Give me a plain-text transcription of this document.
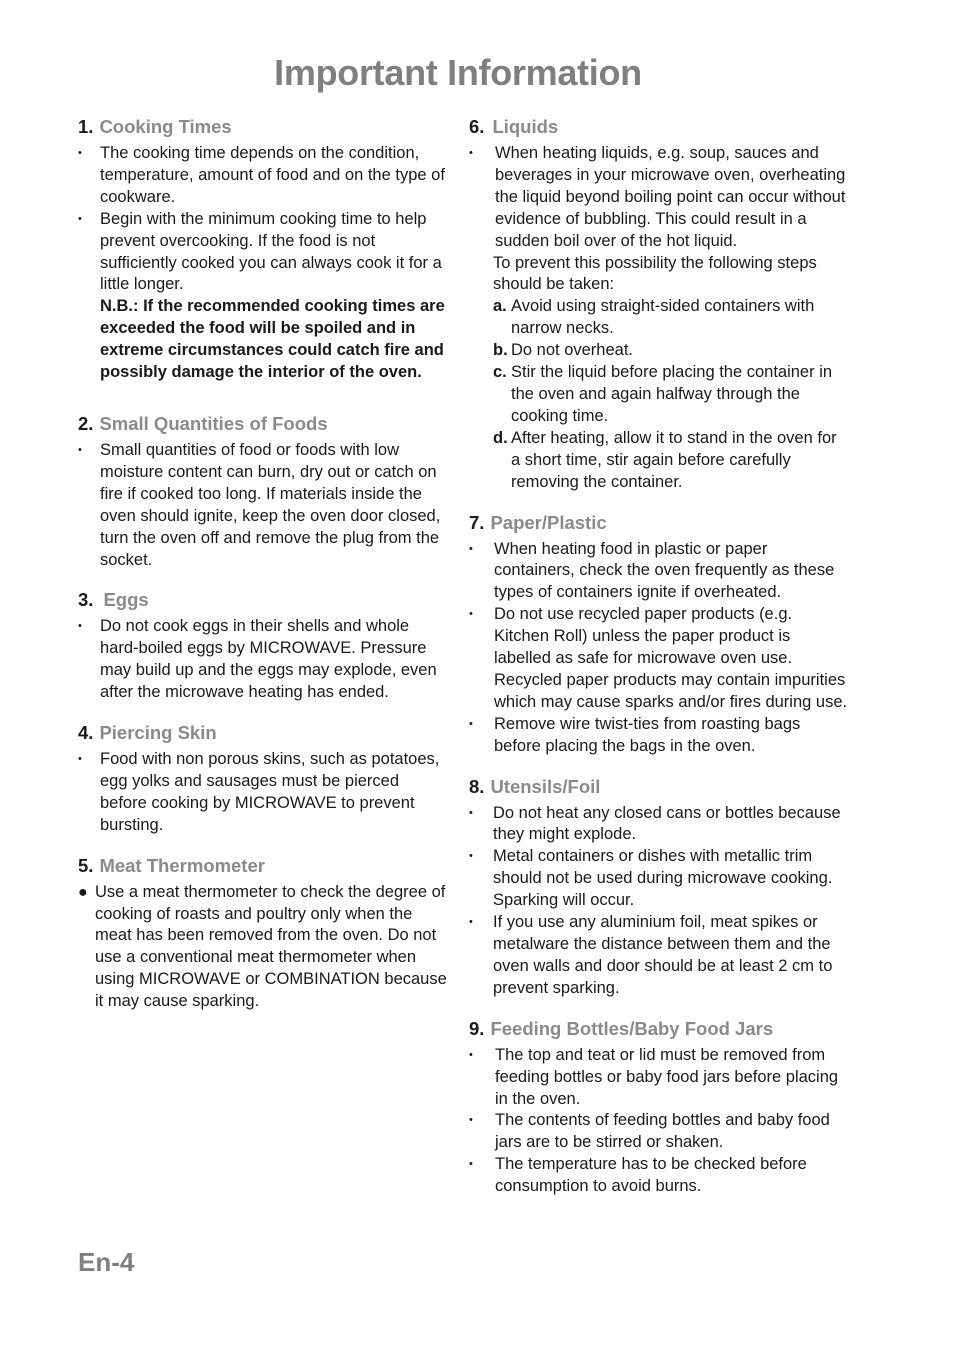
Important Information
1. Cooking Times
•	The cooking time depends on the condition, temperature, amount of food and on the type of cookware.
•	Begin with the minimum cooking time to help prevent overcooking. If the food is not sufficiently cooked you can always cook it for a little longer.
N.B.: If the recommended cooking times are exceeded the food will be spoiled and in extreme circumstances could catch fire and possibly damage the interior of the oven.
2. Small Quantities of Foods
•	Small quantities of food or foods with low moisture content can burn, dry out or catch on fire if cooked too long. If materials inside the oven should ignite, keep the oven door closed, turn the oven off and remove the plug from the socket.
3. Eggs
•	Do not cook eggs in their shells and whole hard-boiled eggs by MICROWAVE. Pressure may build up and the eggs may explode, even after the microwave heating has ended.
4. Piercing Skin
•	Food with non porous skins, such as potatoes, egg yolks and sausages must be pierced before cooking by MICROWAVE to prevent bursting.
5. Meat Thermometer
● Use a meat thermometer to check the degree of cooking of roasts and poultry only when the meat has been removed from the oven. Do not use a conventional meat thermometer when using MICROWAVE or COMBINATION because it may cause sparking.
6. Liquids
•	When heating liquids, e.g. soup, sauces and beverages in your microwave oven, overheating the liquid beyond boiling point can occur without evidence of bubbling. This could result in a sudden boil over of the hot liquid.
To prevent this possibility the following steps should be taken:
a. Avoid using straight-sided containers with narrow necks.
b. Do not overheat.
c. Stir the liquid before placing the container in the oven and again halfway through the cooking time.
d. After heating, allow it to stand in the oven for a short time, stir again before carefully removing the container.
7. Paper/Plastic
•	When heating food in plastic or paper containers, check the oven frequently as these types of containers ignite if overheated.
•	Do not use recycled paper products (e.g. Kitchen Roll) unless the paper product is labelled as safe for microwave oven use. Recycled paper products may contain impurities which may cause sparks and/or fires during use.
•	Remove wire twist-ties from roasting bags before placing the bags in the oven.
8. Utensils/Foil
•	Do not heat any closed cans or bottles because they might explode.
•	Metal containers or dishes with metallic trim should not be used during microwave cooking. Sparking will occur.
•	If you use any aluminium foil, meat spikes or metalware the distance between them and the oven walls and door should be at least 2 cm to prevent sparking.
9. Feeding Bottles/Baby Food Jars
•	The top and teat or lid must be removed from feeding bottles or baby food jars before placing in the oven.
•	The contents of feeding bottles and baby food jars are to be stirred or shaken.
•	The temperature has to be checked before consumption to avoid burns.
En-4
